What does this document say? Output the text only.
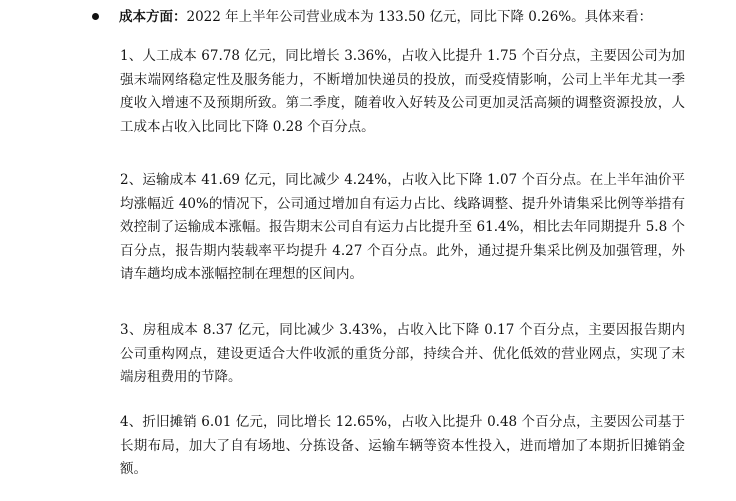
成本方面：2022 年上半年公司营业成本为 133.50 亿元，同比下降 0.26%。具体来看：

1、人工成本 67.78 亿元，同比增长 3.36%，占收入比提升 1.75 个百分点，主要因公司为加强末端网络稳定性及服务能力，不断增加快递员的投放，而受疫情影响，公司上半年尤其一季度收入增速不及预期所致。第二季度，随着收入好转及公司更加灵活高频的调整资源投放，人工成本占收入比同比下降 0.28 个百分点。

2、运输成本 41.69 亿元，同比减少 4.24%，占收入比下降 1.07 个百分点。在上半年油价平均涨幅近 40%的情况下，公司通过增加自有运力占比、线路调整、提升外请集采比例等举措有效控制了运输成本涨幅。报告期末公司自有运力占比提升至 61.4%，相比去年同期提升 5.8 个百分点，报告期内装载率平均提升 4.27 个百分点。此外，通过提升集采比例及加强管理，外请车趟均成本涨幅控制在理想的区间内。

3、房租成本 8.37 亿元，同比减少 3.43%，占收入比下降 0.17 个百分点，主要因报告期内公司重构网点，建设更适合大件收派的重货分部，持续合并、优化低效的营业网点，实现了末端房租费用的节降。

4、折旧摊销 6.01 亿元，同比增长 12.65%，占收入比提升 0.48 个百分点，主要因公司基于长期布局，加大了自有场地、分拣设备、运输车辆等资本性投入，进而增加了本期折旧摊销金额。
